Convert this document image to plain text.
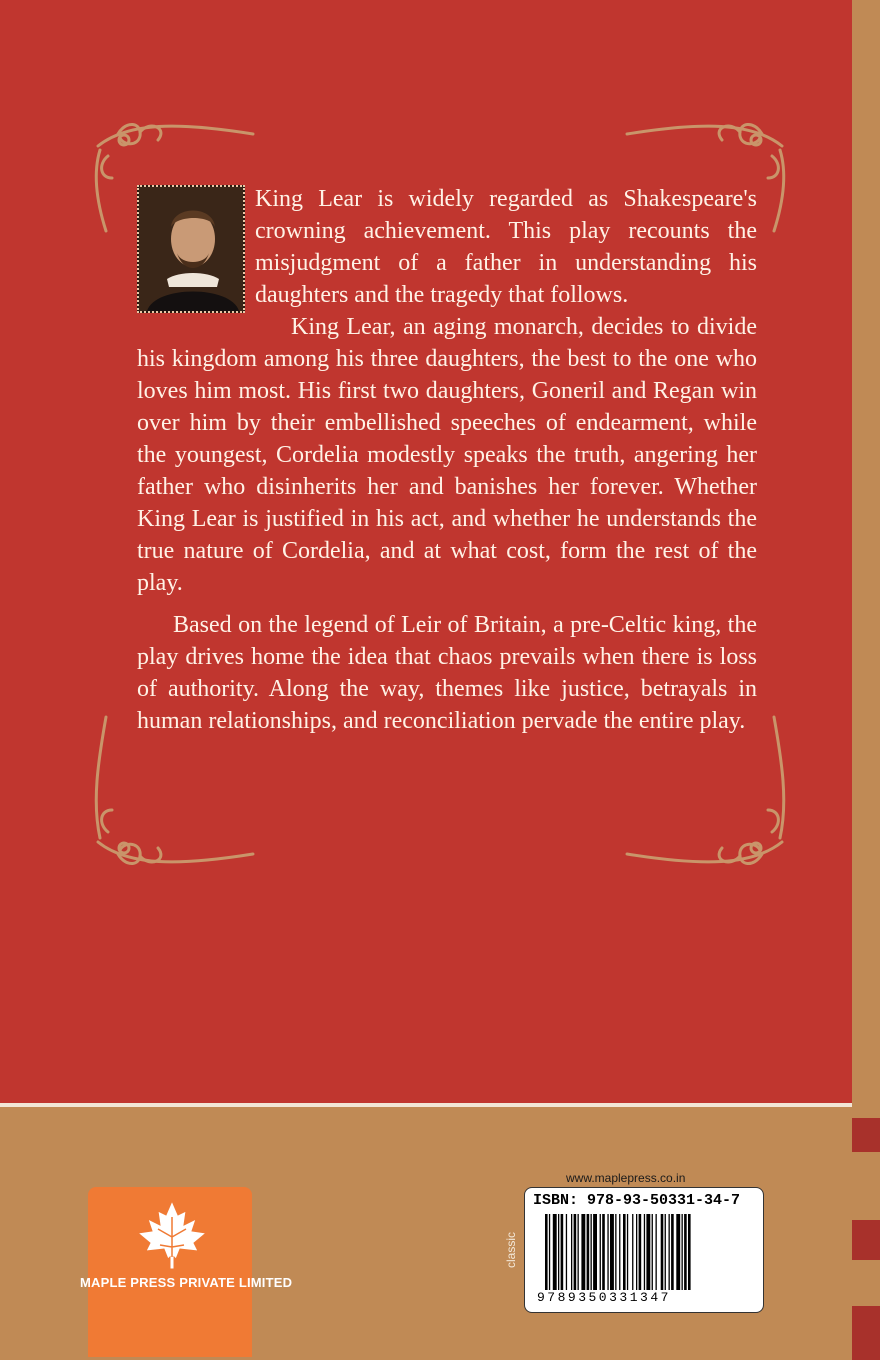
King Lear is widely regarded as Shakespeare's crowning achievement. This play recounts the misjudgment of a father in understanding his daughters and the tragedy that follows.

King Lear, an aging monarch, decides to divide his kingdom among his three daughters, the best to the one who loves him most. His first two daughters, Goneril and Regan win over him by their embellished speeches of endearment, while the youngest, Cordelia modestly speaks the truth, angering her father who disinherits her and banishes her forever. Whether King Lear is justified in his act, and whether he understands the true nature of Cordelia, and at what cost, form the rest of the play.

Based on the legend of Leir of Britain, a pre-Celtic king, the play drives home the idea that chaos prevails when there is loss of authority. Along the way, themes like justice, betrayals in human relationships, and reconciliation pervade the entire play.

MAPLE PRESS PRIVATE LIMITED
www.maplepress.co.in
classic
ISBN: 978-93-50331-34-7
9789350331347
